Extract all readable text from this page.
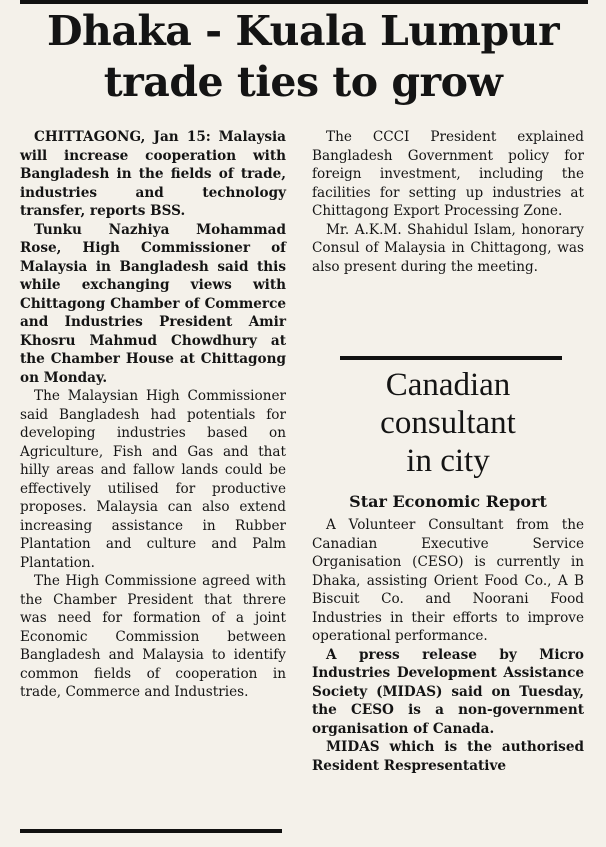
Dhaka - Kuala Lumpur
trade ties to grow

CHITTAGONG, Jan 15: Malaysia will increase cooperation with Bangladesh in the fields of trade, industries and technology transfer, reports BSS.

Tunku Nazhiya Mohammad Rose, High Commissioner of Malaysia in Bangladesh said this while exchanging views with Chittagong Chamber of Commerce and Industries President Amir Khosru Mahmud Chowdhury at the Chamber House at Chittagong on Monday.

The Malaysian High Commissioner said Bangladesh had potentials for developing industries based on Agriculture, Fish and Gas and that hilly areas and fallow lands could be effectively utilised for productive proposes. Malaysia can also extend increasing assistance in Rubber Plantation and culture and Palm Plantation.

The High Commissione agreed with the Chamber President that threre was need for formation of a joint Economic Commission between Bangladesh and Malaysia to identify common fields of cooperation in trade, Commerce and Industries.

The CCCI President explained Bangladesh Government policy for foreign investment, including the facilities for setting up industries at Chittagong Export Processing Zone.

Mr. A.K.M. Shahidul Islam, honorary Consul of Malaysia in Chittagong, was also present during the meeting.

Canadian
consultant
in city
Star Economic Report

A Volunteer Consultant from the Canadian Executive Service Organisation (CESO) is currently in Dhaka, assisting Orient Food Co., A B Biscuit Co. and Noorani Food Industries in their efforts to improve operational performance.

A press release by Micro Industries Development Assistance Society (MIDAS) said on Tuesday, the CESO is a non-government organisation of Canada.

MIDAS which is the authorised Resident Respresentative
